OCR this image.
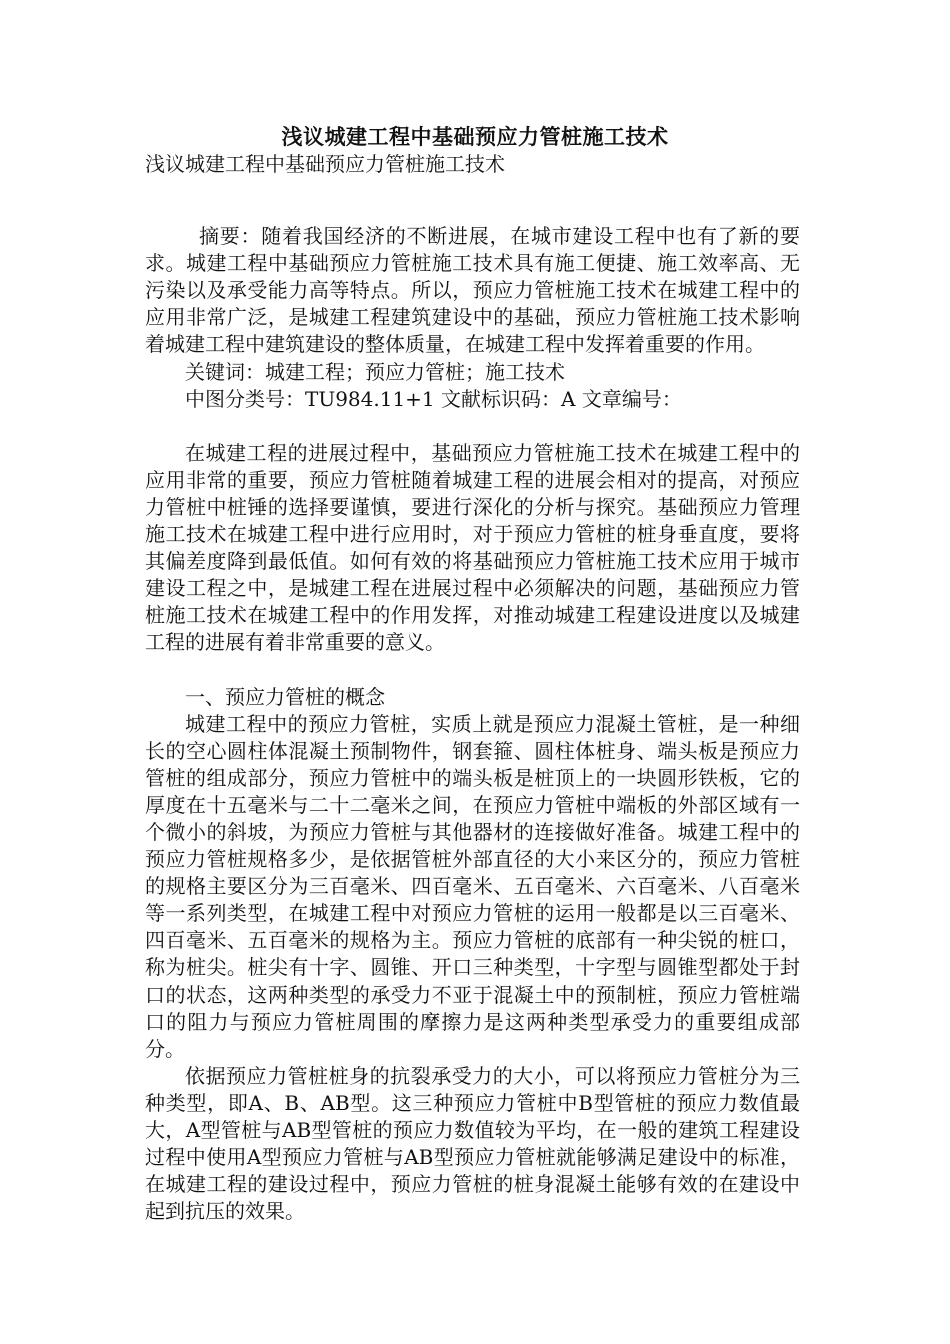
浅议城建工程中基础预应力管桩施工技术

浅议城建工程中基础预应力管桩施工技术

摘要：随着我国经济的不断进展，在城市建设工程中也有了新的要求。城建工程中基础预应力管桩施工技术具有施工便捷、施工效率高、无污染以及承受能力高等特点。所以，预应力管桩施工技术在城建工程中的应用非常广泛，是城建工程建筑建设中的基础，预应力管桩施工技术影响着城建工程中建筑建设的整体质量，在城建工程中发挥着重要的作用。

关键词：城建工程；预应力管桩；施工技术

中图分类号：TU984.11+1 文献标识码：A 文章编号：

在城建工程的进展过程中，基础预应力管桩施工技术在城建工程中的应用非常的重要，预应力管桩随着城建工程的进展会相对的提高，对预应力管桩中桩锤的选择要谨慎，要进行深化的分析与探究。基础预应力管理施工技术在城建工程中进行应用时，对于预应力管桩的桩身垂直度，要将其偏差度降到最低值。如何有效的将基础预应力管桩施工技术应用于城市建设工程之中，是城建工程在进展过程中必须解决的问题，基础预应力管桩施工技术在城建工程中的作用发挥，对推动城建工程建设进度以及城建工程的进展有着非常重要的意义。

一、预应力管桩的概念

城建工程中的预应力管桩，实质上就是预应力混凝土管桩，是一种细长的空心圆柱体混凝土预制物件，钢套箍、圆柱体桩身、端头板是预应力管桩的组成部分，预应力管桩中的端头板是桩顶上的一块圆形铁板，它的厚度在十五毫米与二十二毫米之间，在预应力管桩中端板的外部区域有一个微小的斜坡，为预应力管桩与其他器材的连接做好准备。城建工程中的预应力管桩规格多少，是依据管桩外部直径的大小来区分的，预应力管桩的规格主要区分为三百毫米、四百毫米、五百毫米、六百毫米、八百毫米等一系列类型，在城建工程中对预应力管桩的运用一般都是以三百毫米、四百毫米、五百毫米的规格为主。预应力管桩的底部有一种尖锐的桩口，称为桩尖。桩尖有十字、圆锥、开口三种类型，十字型与圆锥型都处于封口的状态，这两种类型的承受力不亚于混凝土中的预制桩，预应力管桩端口的阻力与预应力管桩周围的摩擦力是这两种类型承受力的重要组成部分。

依据预应力管桩桩身的抗裂承受力的大小，可以将预应力管桩分为三种类型，即A、B、AB型。这三种预应力管桩中B型管桩的预应力数值最大，A型管桩与AB型管桩的预应力数值较为平均，在一般的建筑工程建设过程中使用A型预应力管桩与AB型预应力管桩就能够满足建设中的标准，在城建工程的建设过程中，预应力管桩的桩身混凝土能够有效的在建设中起到抗压的效果。
